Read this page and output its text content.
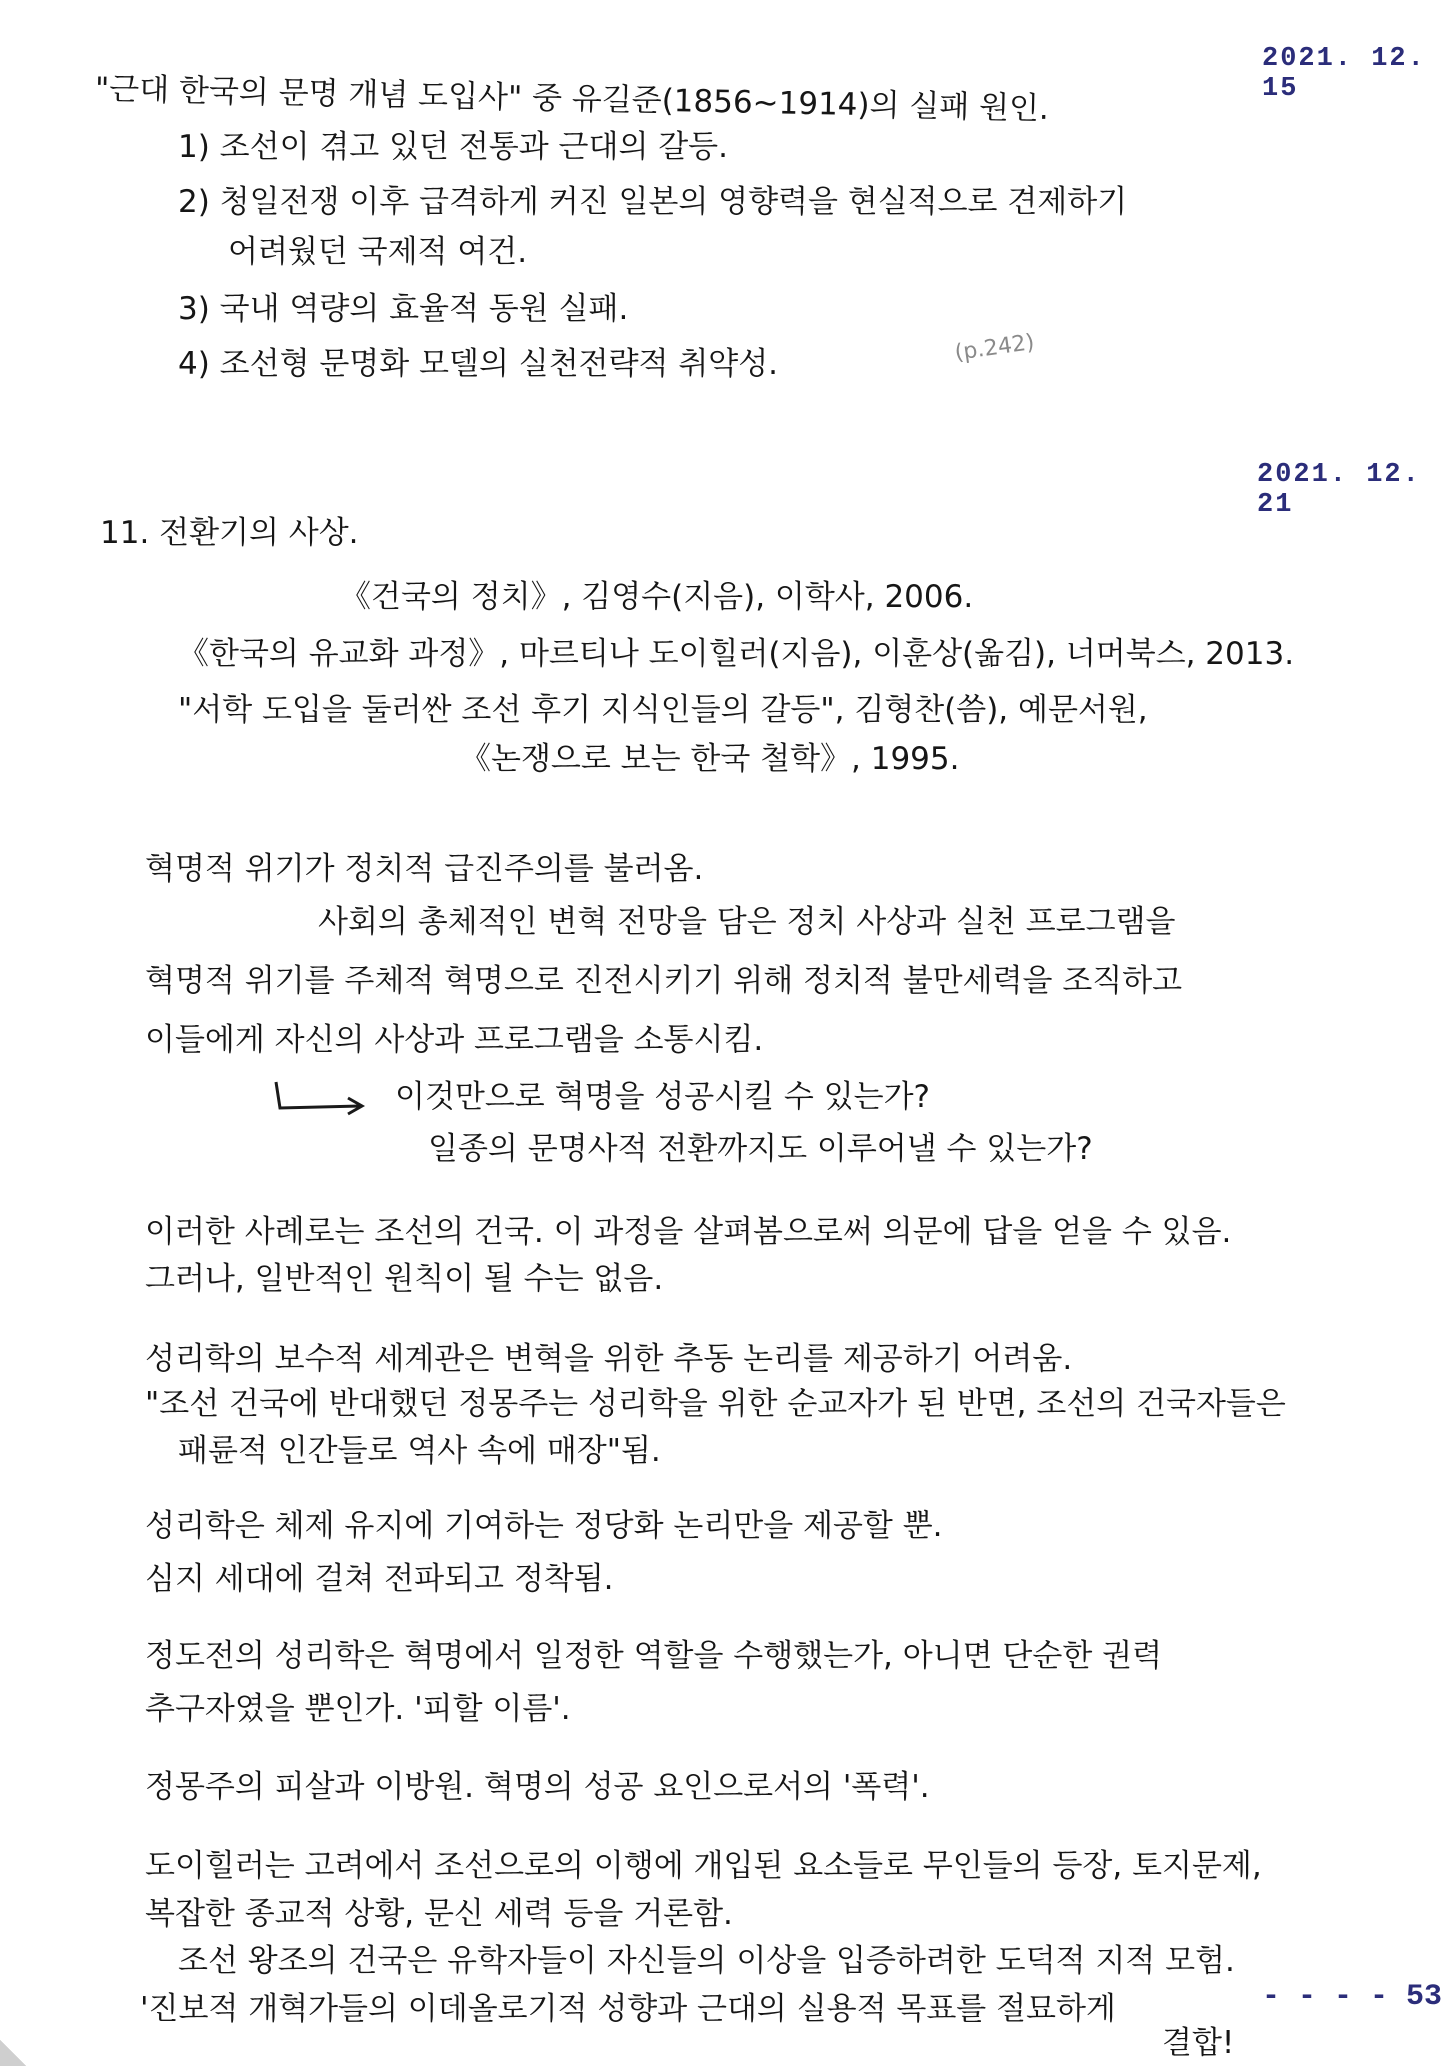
2021. 12. 15
"근대 한국의 문명 개념 도입사" 중 유길준(1856~1914)의 실패 원인.
1) 조선이 겪고 있던 전통과 근대의 갈등.
2) 청일전쟁 이후 급격하게 커진 일본의 영향력을 현실적으로 견제하기
어려웠던 국제적 여건.
3) 국내 역량의 효율적 동원 실패.
4) 조선형 문명화 모델의 실천전략적 취약성.	(p.242)
2021. 12. 21
11. 전환기의 사상.
《건국의 정치》, 김영수(지음), 이학사, 2006.
《한국의 유교화 과정》, 마르티나 도이힐러(지음), 이훈상(옮김), 너머북스, 2013.
"서학 도입을 둘러싼 조선 후기 지식인들의 갈등", 김형찬(씀), 예문서원,
《논쟁으로 보는 한국 철학》, 1995.
혁명적 위기가 정치적 급진주의를 불러옴.
사회의 총체적인 변혁 전망을 담은 정치 사상과 실천 프로그램을
혁명적 위기를 주체적 혁명으로 진전시키기 위해 정치적 불만세력을 조직하고
이들에게 자신의 사상과 프로그램을 소통시킴.
이것만으로 혁명을 성공시킬 수 있는가?
일종의 문명사적 전환까지도 이루어낼 수 있는가?
이러한 사례로는 조선의 건국. 이 과정을 살펴봄으로써 의문에 답을 얻을 수 있음.
그러나, 일반적인 원칙이 될 수는 없음.
성리학의 보수적 세계관은 변혁을 위한 추동 논리를 제공하기 어려움.
"조선 건국에 반대했던 정몽주는 성리학을 위한 순교자가 된 반면, 조선의 건국자들은
패륜적 인간들로 역사 속에 매장"됨.
성리학은 체제 유지에 기여하는 정당화 논리만을 제공할 뿐.
심지 세대에 걸쳐 전파되고 정착됨.
정도전의 성리학은 혁명에서 일정한 역할을 수행했는가, 아니면 단순한 권력
추구자였을 뿐인가. '피할 이름'.
정몽주의 피살과 이방원. 혁명의 성공 요인으로서의 '폭력'.
도이힐러는 고려에서 조선으로의 이행에 개입된 요소들로 무인들의 등장, 토지문제,
복잡한 종교적 상황, 문신 세력 등을 거론함.
조선 왕조의 건국은 유학자들이 자신들의 이상을 입증하려한 도덕적 지적 모험.
'진보적 개혁가들의 이데올로기적 성향과 근대의 실용적 목표를 절묘하게
결합!
- - - - 53
